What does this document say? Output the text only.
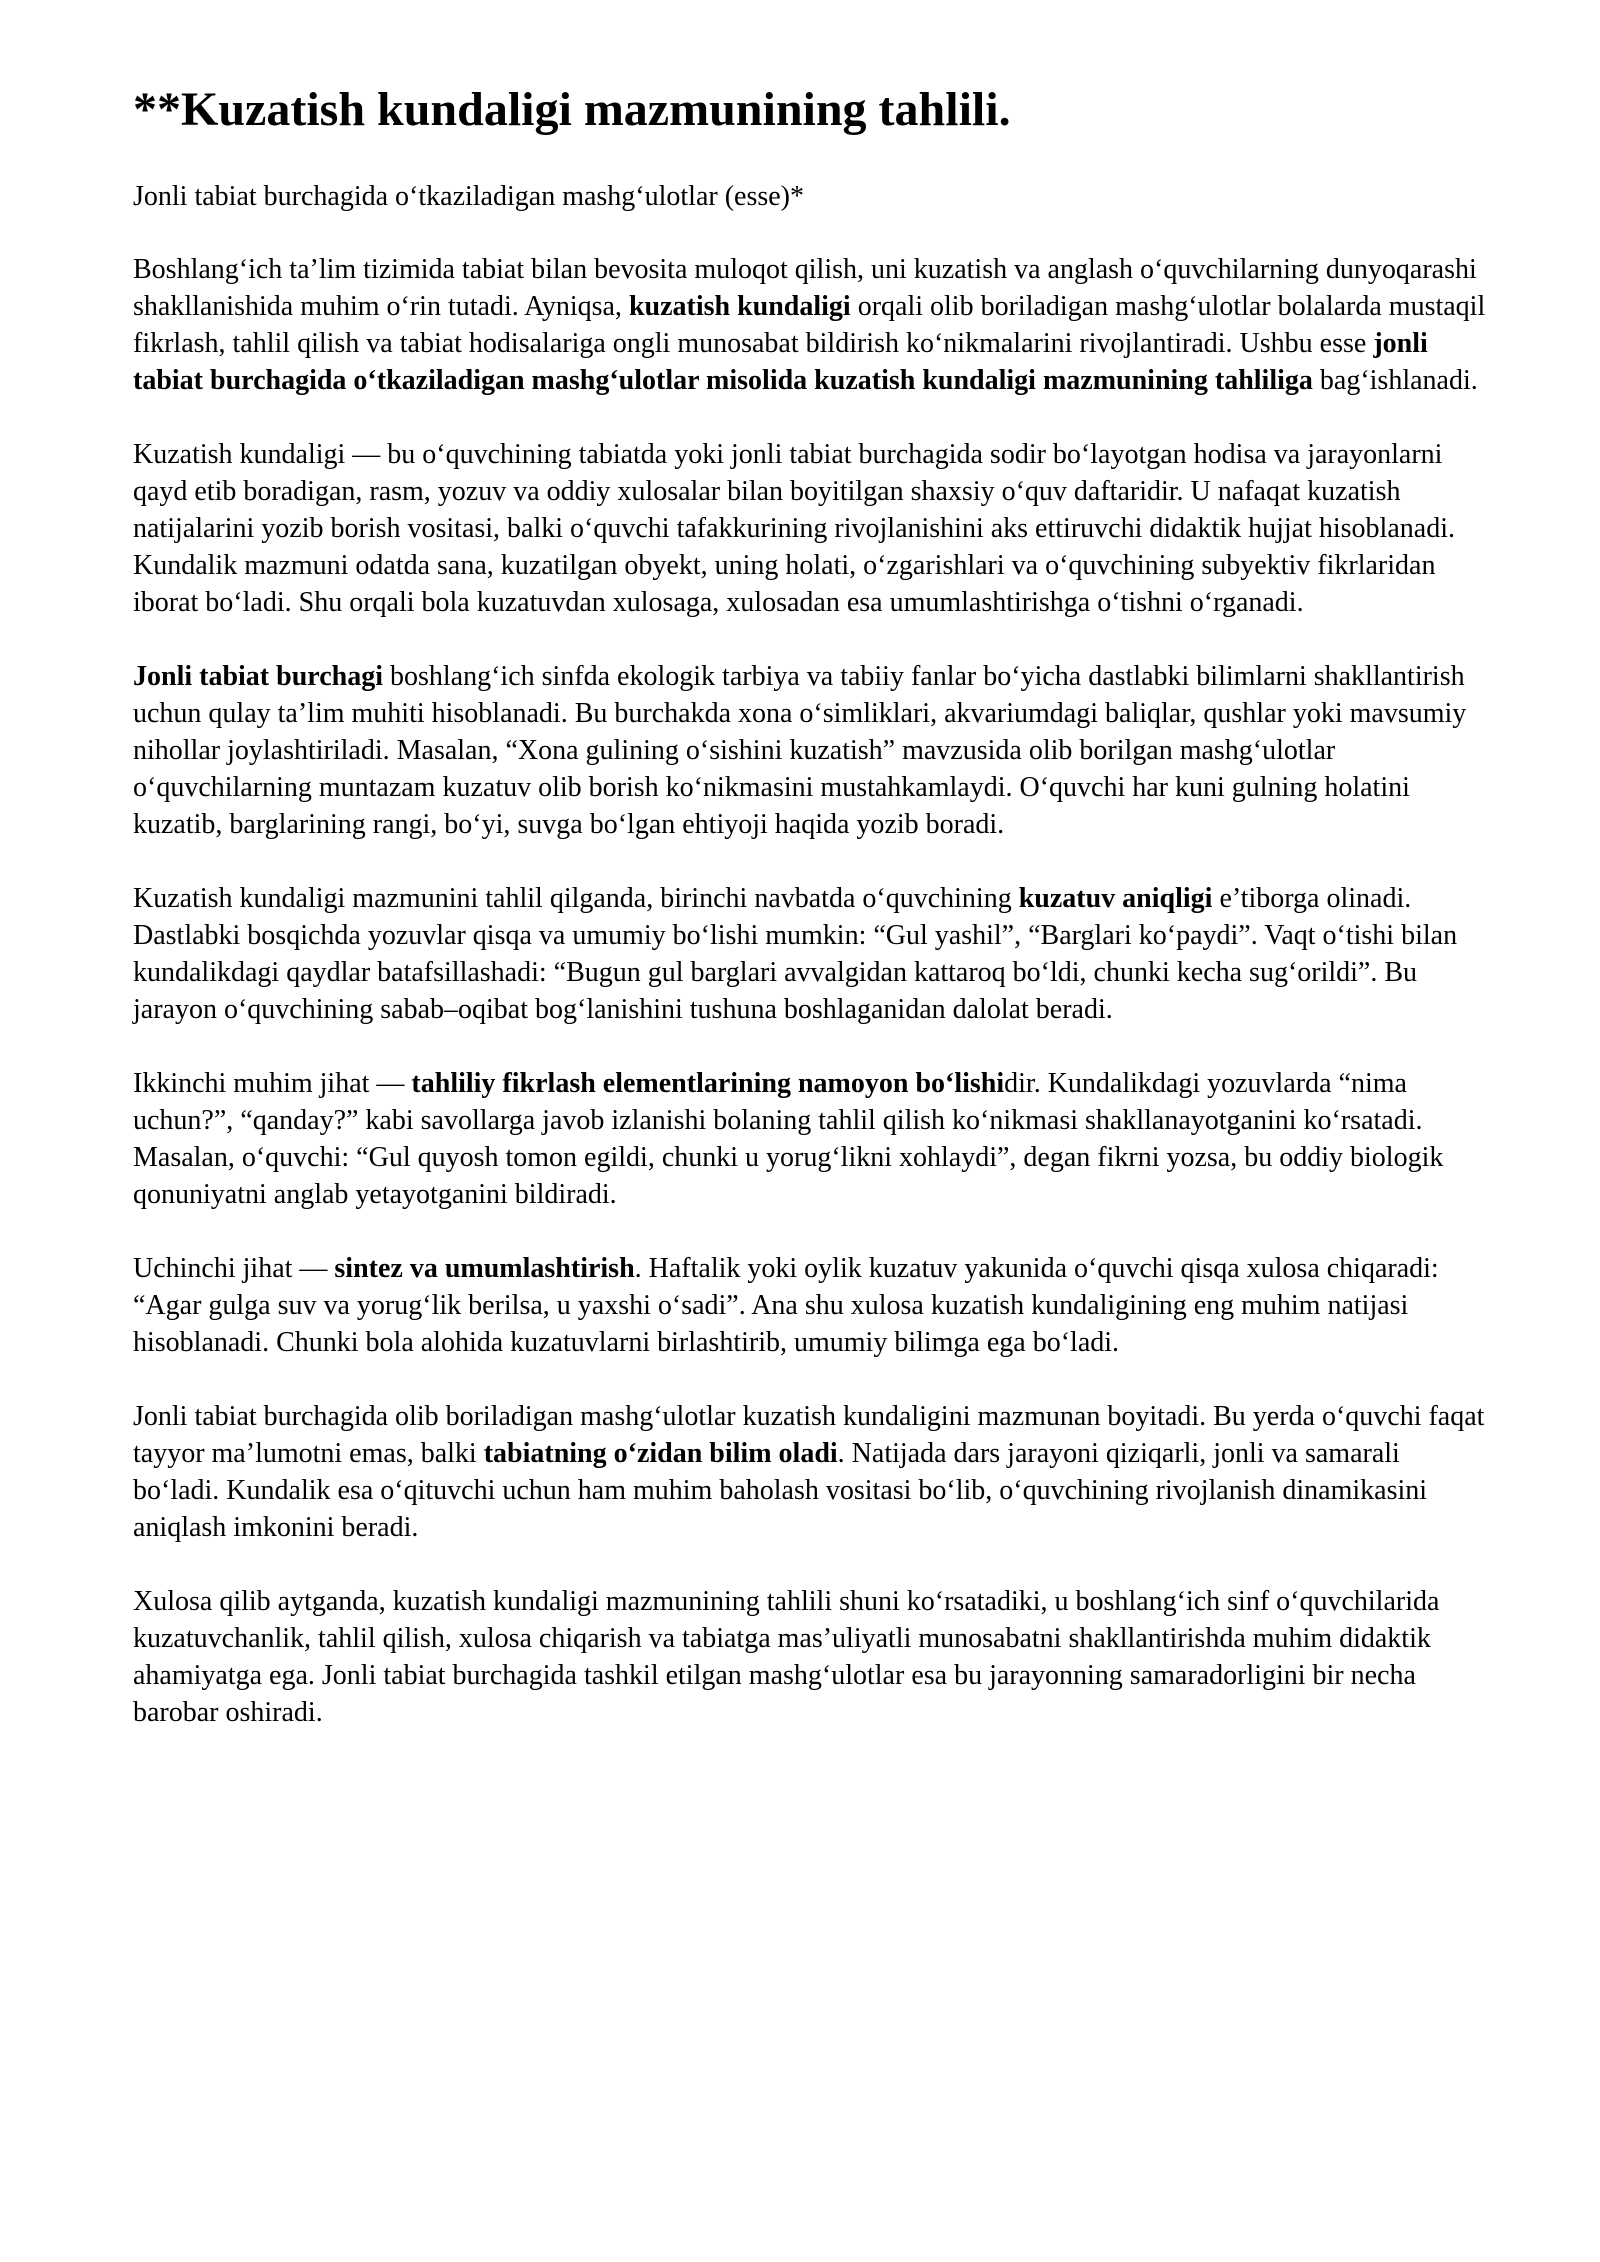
**Kuzatish kundaligi mazmunining tahlili.

Jonli tabiat burchagida o‘tkaziladigan mashg‘ulotlar (esse)*

Boshlang‘ich ta’lim tizimida tabiat bilan bevosita muloqot qilish, uni kuzatish va anglash o‘quvchilarning dunyoqarashi shakllanishida muhim o‘rin tutadi. Ayniqsa, kuzatish kundaligi orqali olib boriladigan mashg‘ulotlar bolalarda mustaqil fikrlash, tahlil qilish va tabiat hodisalariga ongli munosabat bildirish ko‘nikmalarini rivojlantiradi. Ushbu esse jonli tabiat burchagida o‘tkaziladigan mashg‘ulotlar misolida kuzatish kundaligi mazmunining tahliliga bag‘ishlanadi.

Kuzatish kundaligi — bu o‘quvchining tabiatda yoki jonli tabiat burchagida sodir bo‘layotgan hodisa va jarayonlarni qayd etib boradigan, rasm, yozuv va oddiy xulosalar bilan boyitilgan shaxsiy o‘quv daftaridir. U nafaqat kuzatish natijalarini yozib borish vositasi, balki o‘quvchi tafakkurining rivojlanishini aks ettiruvchi didaktik hujjat hisoblanadi. Kundalik mazmuni odatda sana, kuzatilgan obyekt, uning holati, o‘zgarishlari va o‘quvchining subyektiv fikrlaridan iborat bo‘ladi. Shu orqali bola kuzatuvdan xulosaga, xulosadan esa umumlashtirishga o‘tishni o‘rganadi.

Jonli tabiat burchagi boshlang‘ich sinfda ekologik tarbiya va tabiiy fanlar bo‘yicha dastlabki bilimlarni shakllantirish uchun qulay ta’lim muhiti hisoblanadi. Bu burchakda xona o‘simliklari, akvariumdagi baliqlar, qushlar yoki mavsumiy nihollar joylashtiriladi. Masalan, “Xona gulining o‘sishini kuzatish” mavzusida olib borilgan mashg‘ulotlar o‘quvchilarning muntazam kuzatuv olib borish ko‘nikmasini mustahkamlaydi. O‘quvchi har kuni gulning holatini kuzatib, barglarining rangi, bo‘yi, suvga bo‘lgan ehtiyoji haqida yozib boradi.

Kuzatish kundaligi mazmunini tahlil qilganda, birinchi navbatda o‘quvchining kuzatuv aniqligi e’tiborga olinadi. Dastlabki bosqichda yozuvlar qisqa va umumiy bo‘lishi mumkin: “Gul yashil”, “Barglari ko‘paydi”. Vaqt o‘tishi bilan kundalikdagi qaydlar batafsillashadi: “Bugun gul barglari avvalgidan kattaroq bo‘ldi, chunki kecha sug‘orildi”. Bu jarayon o‘quvchining sabab–oqibat bog‘lanishini tushuna boshlaganidan dalolat beradi.

Ikkinchi muhim jihat — tahliliy fikrlash elementlarining namoyon bo‘lishidir. Kundalikdagi yozuvlarda “nima uchun?”, “qanday?” kabi savollarga javob izlanishi bolaning tahlil qilish ko‘nikmasi shakllanayotganini ko‘rsatadi. Masalan, o‘quvchi: “Gul quyosh tomon egildi, chunki u yorug‘likni xohlaydi”, degan fikrni yozsa, bu oddiy biologik qonuniyatni anglab yetayotganini bildiradi.

Uchinchi jihat — sintez va umumlashtirish. Haftalik yoki oylik kuzatuv yakunida o‘quvchi qisqa xulosa chiqaradi: “Agar gulga suv va yorug‘lik berilsa, u yaxshi o‘sadi”. Ana shu xulosa kuzatish kundaligining eng muhim natijasi hisoblanadi. Chunki bola alohida kuzatuvlarni birlashtirib, umumiy bilimga ega bo‘ladi.

Jonli tabiat burchagida olib boriladigan mashg‘ulotlar kuzatish kundaligini mazmunan boyitadi. Bu yerda o‘quvchi faqat tayyor ma’lumotni emas, balki tabiatning o‘zidan bilim oladi. Natijada dars jarayoni qiziqarli, jonli va samarali bo‘ladi. Kundalik esa o‘qituvchi uchun ham muhim baholash vositasi bo‘lib, o‘quvchining rivojlanish dinamikasini aniqlash imkonini beradi.

Xulosa qilib aytganda, kuzatish kundaligi mazmunining tahlili shuni ko‘rsatadiki, u boshlang‘ich sinf o‘quvchilarida kuzatuvchanlik, tahlil qilish, xulosa chiqarish va tabiatga mas’uliyatli munosabatni shakllantirishda muhim didaktik ahamiyatga ega. Jonli tabiat burchagida tashkil etilgan mashg‘ulotlar esa bu jarayonning samaradorligini bir necha barobar oshiradi.
